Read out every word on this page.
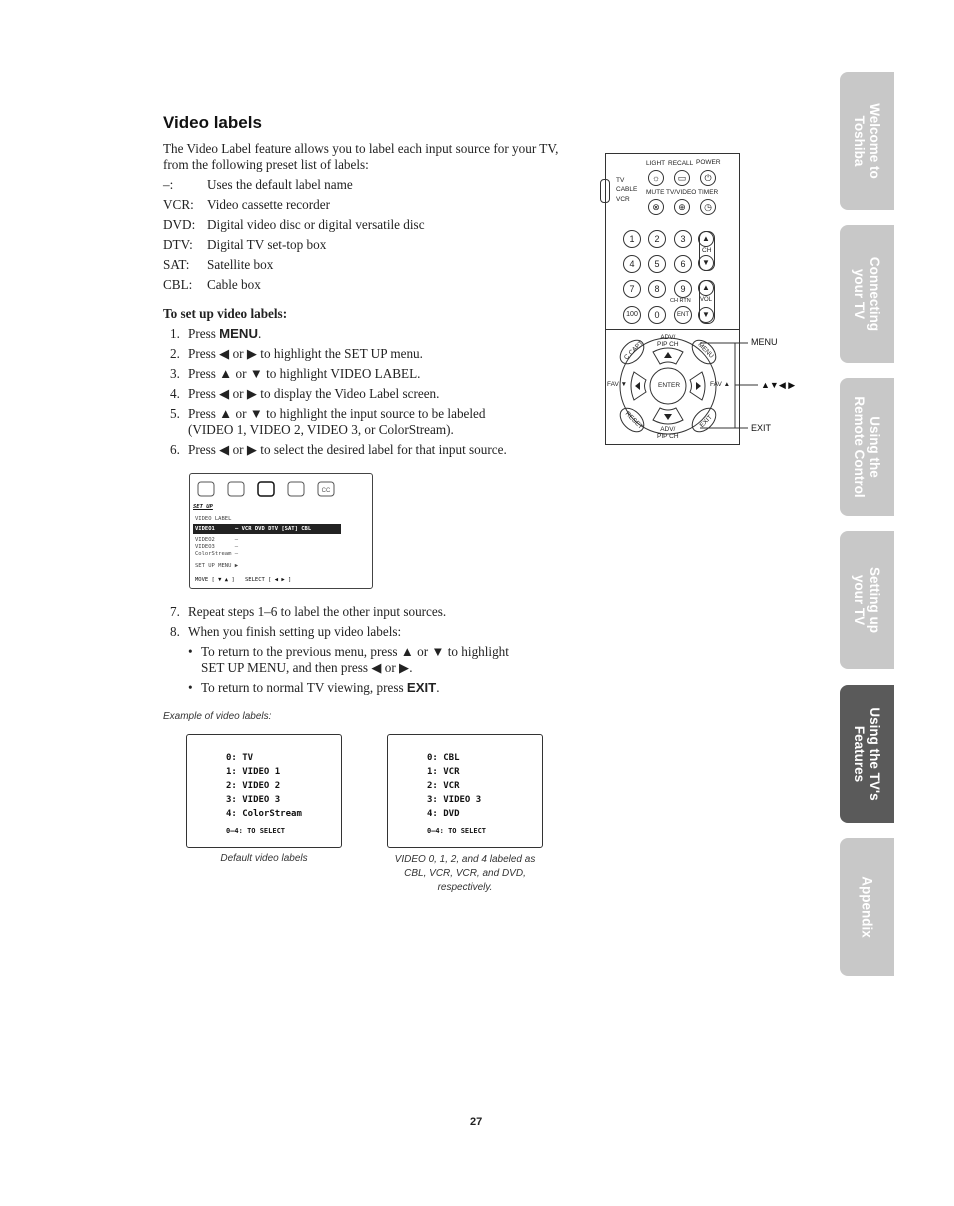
Video labels
The Video Label feature allows you to label each input source for your TV, from the following preset list of labels:
–:	Uses the default label name
VCR: Video cassette recorder
DVD: Digital video disc or digital versatile disc
DTV: Digital TV set-top box
SAT: Satellite box
CBL: Cable box
To set up video labels:
1. Press MENU.
2. Press ◀ or ▶ to highlight the SET UP menu.
3. Press ▲ or ▼ to highlight VIDEO LABEL.
4. Press ◀ or ▶ to display the Video Label screen.
5. Press ▲ or ▼ to highlight the input source to be labeled (VIDEO 1, VIDEO 2, VIDEO 3, or ColorStream).
6. Press ◀ or ▶ to select the desired label for that input source.
CC
SET UP
VIDEO LABEL
VIDEO1	– VCR DVD DTV [SAT] CBL
VIDEO2      –
VIDEO3      –
ColorStream –
SET UP MENU ▶
MOVE [ ▼ ▲ ] SELECT [ ◀ ▶ ]
7. Repeat steps 1–6 to label the other input sources.
8. When you finish setting up video labels:
• To return to the previous menu, press ▲ or ▼ to highlight SET UP MENU, and then press ◀ or ▶.
• To return to normal TV viewing, press EXIT.
Example of video labels:
0: TV
1: VIDEO 1
2: VIDEO 2
3: VIDEO 3
4: ColorStream
0–4: TO SELECT
Default video labels
0: CBL
1: VCR
2: VCR
3: VIDEO 3
4: DVD
0–4: TO SELECT
VIDEO 0, 1, 2, and 4 labeled as CBL, VCR, VCR, and DVD, respectively.
LIGHT RECALL POWER
☼	▭	⏻
TV
CABLE
VCR
MUTE TV/VIDEO TIMER
⊗	⊕	◷
1	2	3
4	5	6
7	8	9
100	0	ENT
CH RTN
CH
▲
▼
VOL
▲
▼
ADV/
PIP CH
ADV/
PIP CH
C.CAPT	MENU
RESET	EXIT
FAV ▼	FAV ▲
ENTER
MENU
▲▼◀ ▶
EXIT
Welcome to
Toshiba
Connecting
your TV
Using the
Remote Control
Setting up
your TV
Using the TV's
Features
Appendix
27
